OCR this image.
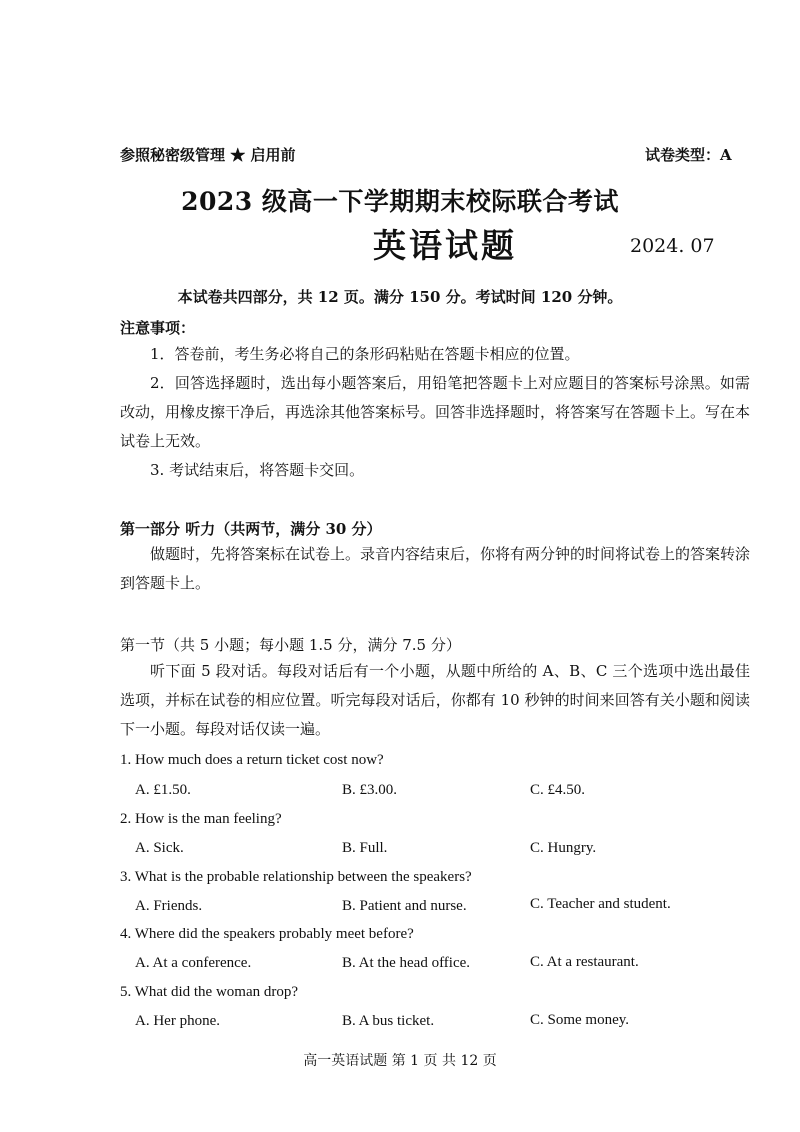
参照秘密级管理 ★ 启用前	试卷类型：A
2023 级高一下学期期末校际联合考试
英语试题	2024. 07
本试卷共四部分，共 12 页。满分 150 分。考试时间 120 分钟。
注意事项：
1．答卷前，考生务必将自己的条形码粘贴在答题卡相应的位置。
2．回答选择题时，选出每小题答案后，用铅笔把答题卡上对应题目的答案标号涂黑。如需改动，用橡皮擦干净后，再选涂其他答案标号。回答非选择题时，将答案写在答题卡上。写在本试卷上无效。
3. 考试结束后，将答题卡交回。
第一部分 听力（共两节，满分 30 分）
做题时，先将答案标在试卷上。录音内容结束后，你将有两分钟的时间将试卷上的答案转涂到答题卡上。
第一节（共 5 小题；每小题 1.5 分，满分 7.5 分）
听下面 5 段对话。每段对话后有一个小题，从题中所给的 A、B、C 三个选项中选出最佳选项，并标在试卷的相应位置。听完每段对话后，你都有 10 秒钟的时间来回答有关小题和阅读下一小题。每段对话仅读一遍。
1. How much does a return ticket cost now?
A. £1.50.	B. £3.00.	C. £4.50.
2. How is the man feeling?
A. Sick.	B. Full.	C. Hungry.
3. What is the probable relationship between the speakers?
A. Friends.	B. Patient and nurse.	C. Teacher and student.
4. Where did the speakers probably meet before?
A. At a conference.	B. At the head office.	C. At a restaurant.
5. What did the woman drop?
A. Her phone.	B. A bus ticket.	C. Some money.
高一英语试题 第 1 页 共 12 页
